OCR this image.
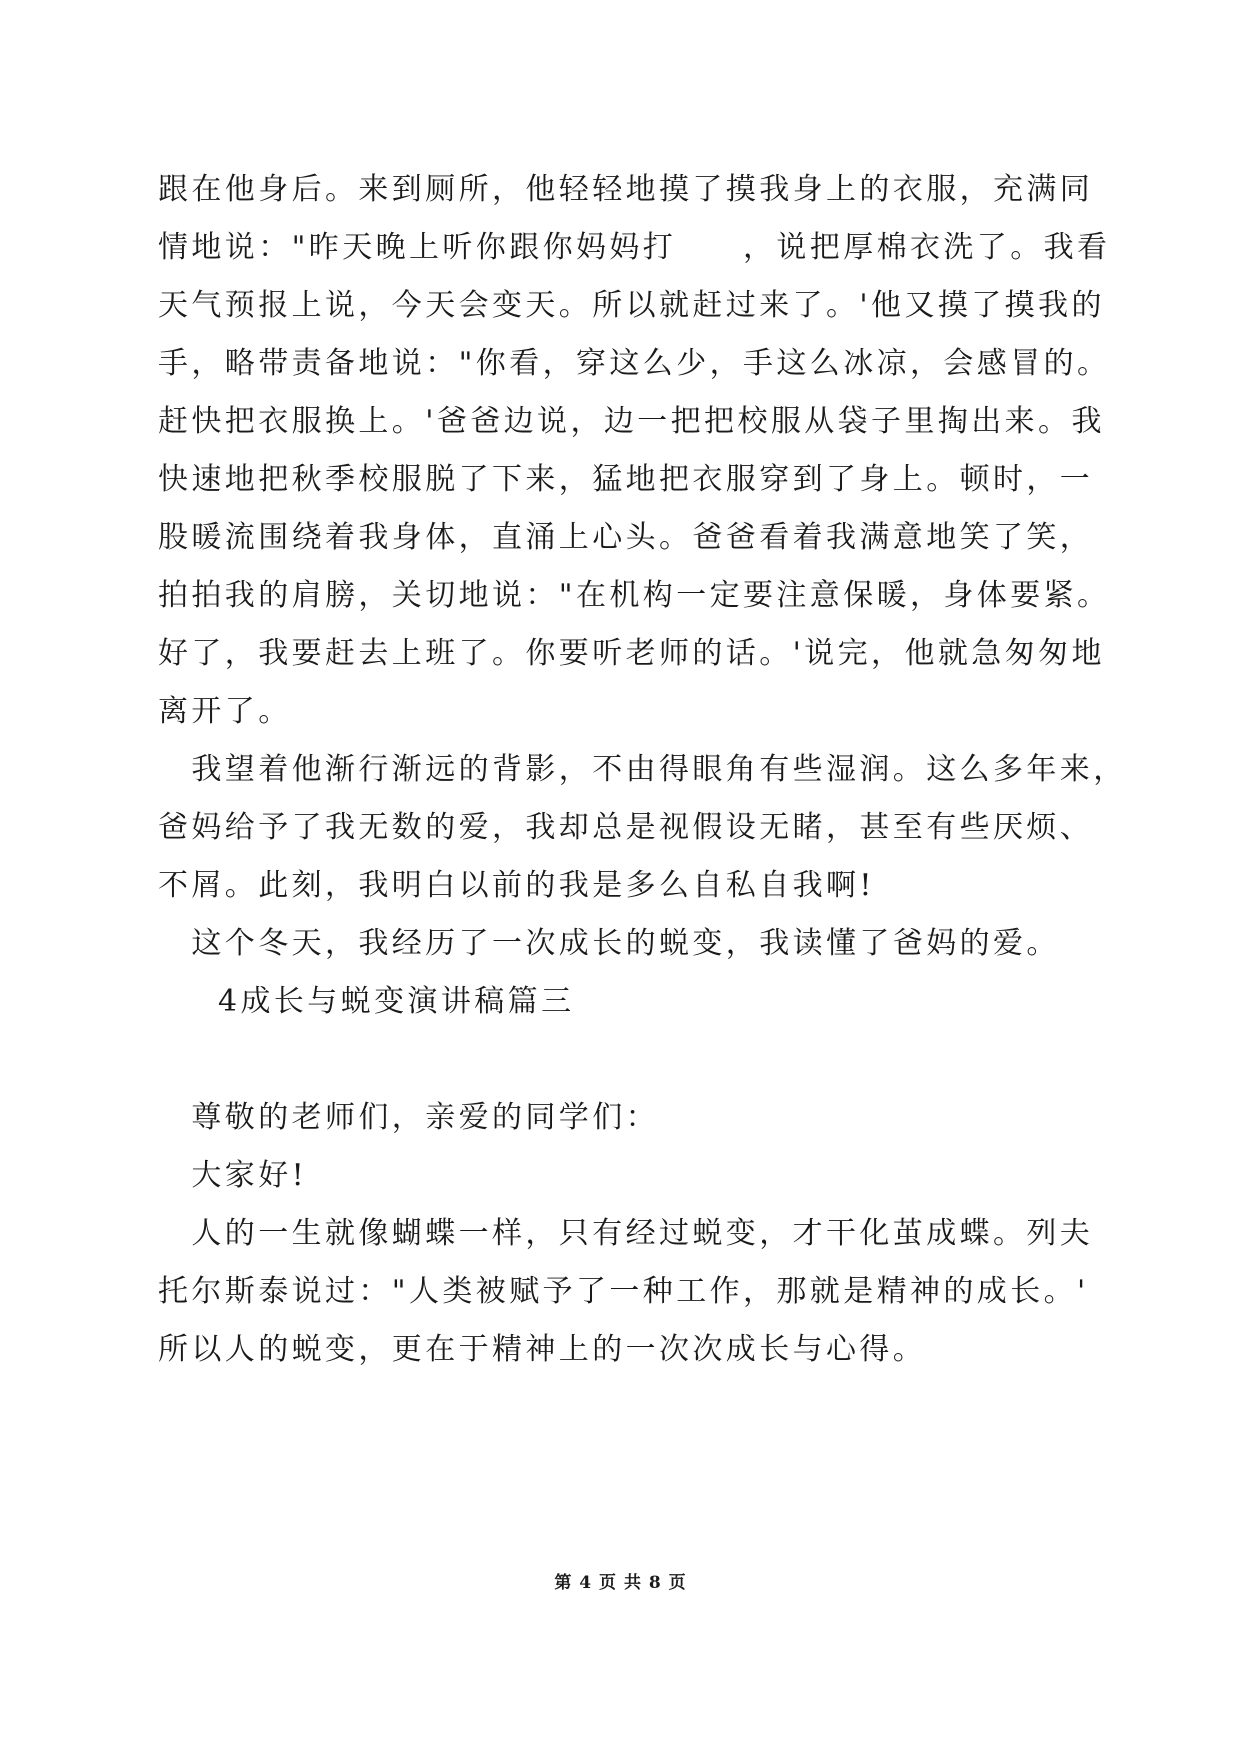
跟在他身后。来到厕所，他轻轻地摸了摸我身上的衣服，充满同
情地说："昨天晚上听你跟你妈妈打　　，说把厚棉衣洗了。我看
天气预报上说，今天会变天。所以就赶过来了。'他又摸了摸我的
手，略带责备地说："你看，穿这么少，手这么冰凉，会感冒的。
赶快把衣服换上。'爸爸边说，边一把把校服从袋子里掏出来。我
快速地把秋季校服脱了下来，猛地把衣服穿到了身上。顿时，一
股暖流围绕着我身体，直涌上心头。爸爸看着我满意地笑了笑，
拍拍我的肩膀，关切地说："在机构一定要注意保暖，身体要紧。
好了，我要赶去上班了。你要听老师的话。'说完，他就急匆匆地
离开了。
　我望着他渐行渐远的背影，不由得眼角有些湿润。这么多年来，
爸妈给予了我无数的爱，我却总是视假设无睹，甚至有些厌烦、
不屑。此刻，我明白以前的我是多么自私自我啊!
　这个冬天，我经历了一次成长的蜕变，我读懂了爸妈的爱。
4成长与蜕变演讲稿篇三
　尊敬的老师们，亲爱的同学们：
　大家好!
　人的一生就像蝴蝶一样，只有经过蜕变，才干化茧成蝶。列夫
托尔斯泰说过："人类被赋予了一种工作，那就是精神的成长。'
所以人的蜕变，更在于精神上的一次次成长与心得。
第 4 页 共 8 页
